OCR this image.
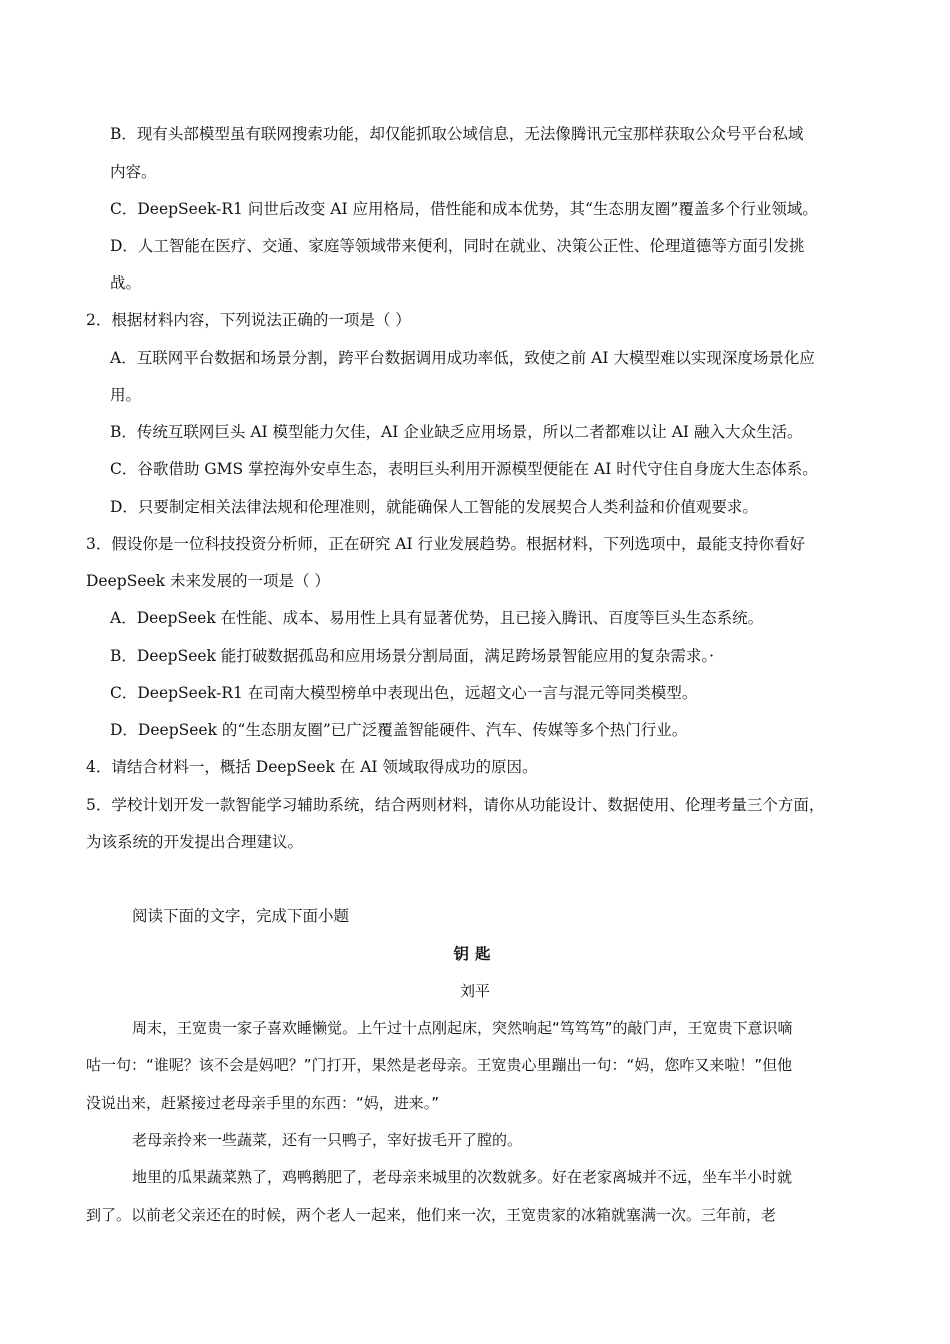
B．现有头部模型虽有联网搜索功能，却仅能抓取公域信息，无法像腾讯元宝那样获取公众号平台私域
内容。
C．DeepSeek-R1 问世后改变 AI 应用格局，借性能和成本优势，其“生态朋友圈”覆盖多个行业领域。
D．人工智能在医疗、交通、家庭等领域带来便利，同时在就业、决策公正性、伦理道德等方面引发挑
战。
2．根据材料内容，下列说法正确的一项是（ ）
A．互联网平台数据和场景分割，跨平台数据调用成功率低，致使之前 AI 大模型难以实现深度场景化应
用。
B．传统互联网巨头 AI 模型能力欠佳，AI 企业缺乏应用场景，所以二者都难以让 AI 融入大众生活。
C．谷歌借助 GMS 掌控海外安卓生态，表明巨头利用开源模型便能在 AI 时代守住自身庞大生态体系。
D．只要制定相关法律法规和伦理准则，就能确保人工智能的发展契合人类利益和价值观要求。
3．假设你是一位科技投资分析师，正在研究 AI 行业发展趋势。根据材料，下列选项中，最能支持你看好
DeepSeek 未来发展的一项是（ ）
A．DeepSeek 在性能、成本、易用性上具有显著优势，且已接入腾讯、百度等巨头生态系统。
B．DeepSeek 能打破数据孤岛和应用场景分割局面，满足跨场景智能应用的复杂需求。·
C．DeepSeek-R1 在司南大模型榜单中表现出色，远超文心一言与混元等同类模型。
D．DeepSeek 的“生态朋友圈”已广泛覆盖智能硬件、汽车、传媒等多个热门行业。
4．请结合材料一，概括 DeepSeek 在 AI 领域取得成功的原因。
5．学校计划开发一款智能学习辅助系统，结合两则材料，请你从功能设计、数据使用、伦理考量三个方面，
为该系统的开发提出合理建议。
阅读下面的文字，完成下面小题
钥匙
刘平
周末，王宽贵一家子喜欢睡懒觉。上午过十点刚起床，突然响起“笃笃笃”的敲门声，王宽贵下意识嘀
咕一句：“谁呢？该不会是妈吧？”门打开，果然是老母亲。王宽贵心里蹦出一句：“妈，您咋又来啦！”但他
没说出来，赶紧接过老母亲手里的东西：“妈，进来。”
老母亲拎来一些蔬菜，还有一只鸭子，宰好拔毛开了膛的。
地里的瓜果蔬菜熟了，鸡鸭鹅肥了，老母亲来城里的次数就多。好在老家离城并不远，坐车半小时就
到了。以前老父亲还在的时候，两个老人一起来，他们来一次，王宽贵家的冰箱就塞满一次。三年前，老
